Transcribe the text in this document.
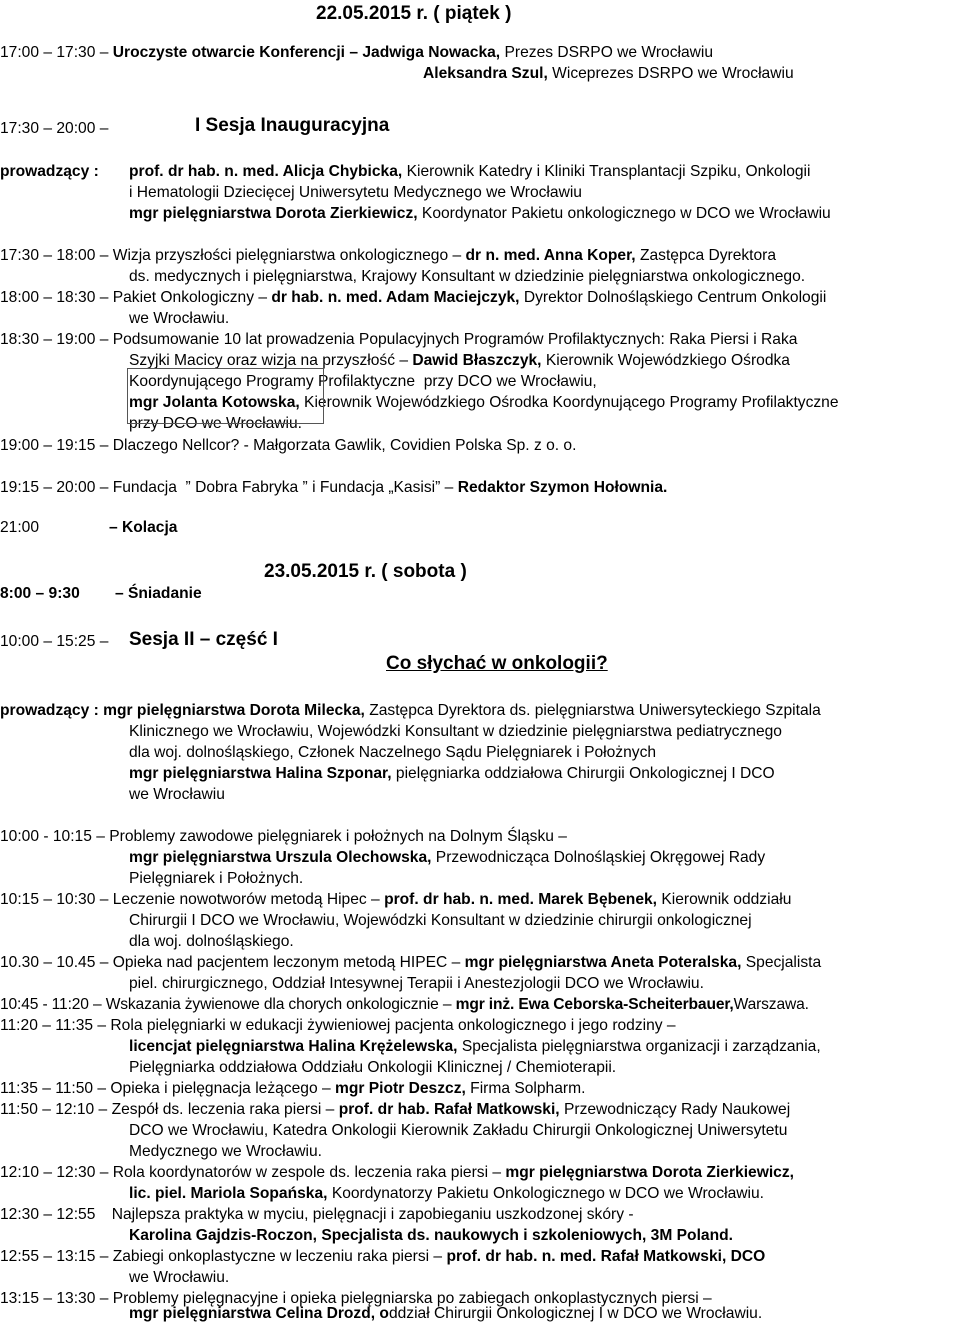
22.05.2015 r. ( piątek )
17:00 – 17:30 – Uroczyste otwarcie Konferencji – Jadwiga Nowacka, Prezes DSRPO we Wrocławiu
Aleksandra Szul, Wiceprezes DSRPO we Wrocławiu
17:30 – 20:00 –	I Sesja Inauguracyjna
prowadzący : prof. dr hab. n. med. Alicja Chybicka, Kierownik Katedry i Kliniki Transplantacji Szpiku, Onkologii
i Hematologii Dziecięcej Uniwersytetu Medycznego we Wrocławiu
mgr pielęgniarstwa Dorota Zierkiewicz, Koordynator Pakietu onkologicznego w DCO we Wrocławiu
17:30 – 18:00 – Wizja przyszłości pielęgniarstwa onkologicznego – dr n. med. Anna Koper, Zastępca Dyrektora
ds. medycznych i pielęgniarstwa, Krajowy Konsultant w dziedzinie pielęgniarstwa onkologicznego.
18:00 – 18:30 – Pakiet Onkologiczny – dr hab. n. med. Adam Maciejczyk, Dyrektor Dolnośląskiego Centrum Onkologii
we Wrocławiu.
18:30 – 19:00 – Podsumowanie 10 lat prowadzenia Populacyjnych Programów Profilaktycznych: Raka Piersi i Raka
Szyjki Macicy oraz wizja na przyszłość – Dawid Błaszczyk, Kierownik Wojewódzkiego Ośrodka
Koordynującego Programy Profilaktyczne  przy DCO we Wrocławiu,
mgr Jolanta Kotowska, Kierownik Wojewódzkiego Ośrodka Koordynującego Programy Profilaktyczne
przy DCO we Wrocławiu.
19:00 – 19:15 – Dlaczego Nellcor? - Małgorzata Gawlik, Covidien Polska Sp. z o. o.
19:15 – 20:00 – Fundacja  ” Dobra Fabryka ” i Fundacja „Kasisi” – Redaktor Szymon Hołownia.
21:00	– Kolacja
23.05.2015 r. ( sobota )
8:00 – 9:30 – Śniadanie
10:00 – 15:25 – Sesja II – część I
Co słychać w onkologii?
prowadzący : mgr pielęgniarstwa Dorota Milecka, Zastępca Dyrektora ds. pielęgniarstwa Uniwersyteckiego Szpitala
Klinicznego we Wrocławiu, Wojewódzki Konsultant w dziedzinie pielęgniarstwa pediatrycznego
dla woj. dolnośląskiego, Członek Naczelnego Sądu Pielęgniarek i Położnych
mgr pielęgniarstwa Halina Szponar, pielęgniarka oddziałowa Chirurgii Onkologicznej I DCO
we Wrocławiu
10:00 - 10:15 – Problemy zawodowe pielęgniarek i położnych na Dolnym Śląsku –
mgr pielęgniarstwa Urszula Olechowska, Przewodnicząca Dolnośląskiej Okręgowej Rady
Pielęgniarek i Położnych.
10:15 – 10:30 – Leczenie nowotworów metodą Hipec – prof. dr hab. n. med. Marek Bębenek, Kierownik oddziału
Chirurgii I DCO we Wrocławiu, Wojewódzki Konsultant w dziedzinie chirurgii onkologicznej
dla woj. dolnośląskiego.
10.30 – 10.45 – Opieka nad pacjentem leczonym metodą HIPEC – mgr pielęgniarstwa Aneta Poteralska, Specjalista
piel. chirurgicznego, Oddział Intesywnej Terapii i Anestezjologii DCO we Wrocławiu.
10:45 - 11:20 – Wskazania żywienowe dla chorych onkologicznie – mgr inż. Ewa Ceborska-Scheiterbauer,Warszawa.
11:20 – 11:35 – Rola pielęgniarki w edukacji żywieniowej pacjenta onkologicznego i jego rodziny –
licencjat pielęgniarstwa Halina Krężelewska, Specjalista pielęgniarstwa organizacji i zarządzania,
Pielęgniarka oddziałowa Oddziału Onkologii Klinicznej / Chemioterapii.
11:35 – 11:50 – Opieka i pielęgnacja leżącego – mgr Piotr Deszcz, Firma Solpharm.
11:50 – 12:10 – Zespół ds. leczenia raka piersi – prof. dr hab. Rafał Matkowski, Przewodniczący Rady Naukowej
DCO we Wrocławiu, Katedra Onkologii Kierownik Zakładu Chirurgii Onkologicznej Uniwersytetu
Medycznego we Wrocławiu.
12:10 – 12:30 – Rola koordynatorów w zespole ds. leczenia raka piersi – mgr pielęgniarstwa Dorota Zierkiewicz,
lic. piel. Mariola Sopańska, Koordynatorzy Pakietu Onkologicznego w DCO we Wrocławiu.
12:30 – 12:55 Najlepsza praktyka w myciu, pielęgnacji i zapobieganiu uszkodzonej skóry -
Karolina Gajdzis-Roczon, Specjalista ds. naukowych i szkoleniowych, 3M Poland.
12:55 – 13:15 – Zabiegi onkoplastyczne w leczeniu raka piersi – prof. dr hab. n. med. Rafał Matkowski, DCO
we Wrocławiu.
13:15 – 13:30 – Problemy pielęgnacyjne i opieka pielęgniarska po zabiegach onkoplastycznych piersi –
mgr pielęgniarstwa Celina Drozd, oddział Chirurgii Onkologicznej I w DCO we Wrocławiu.
